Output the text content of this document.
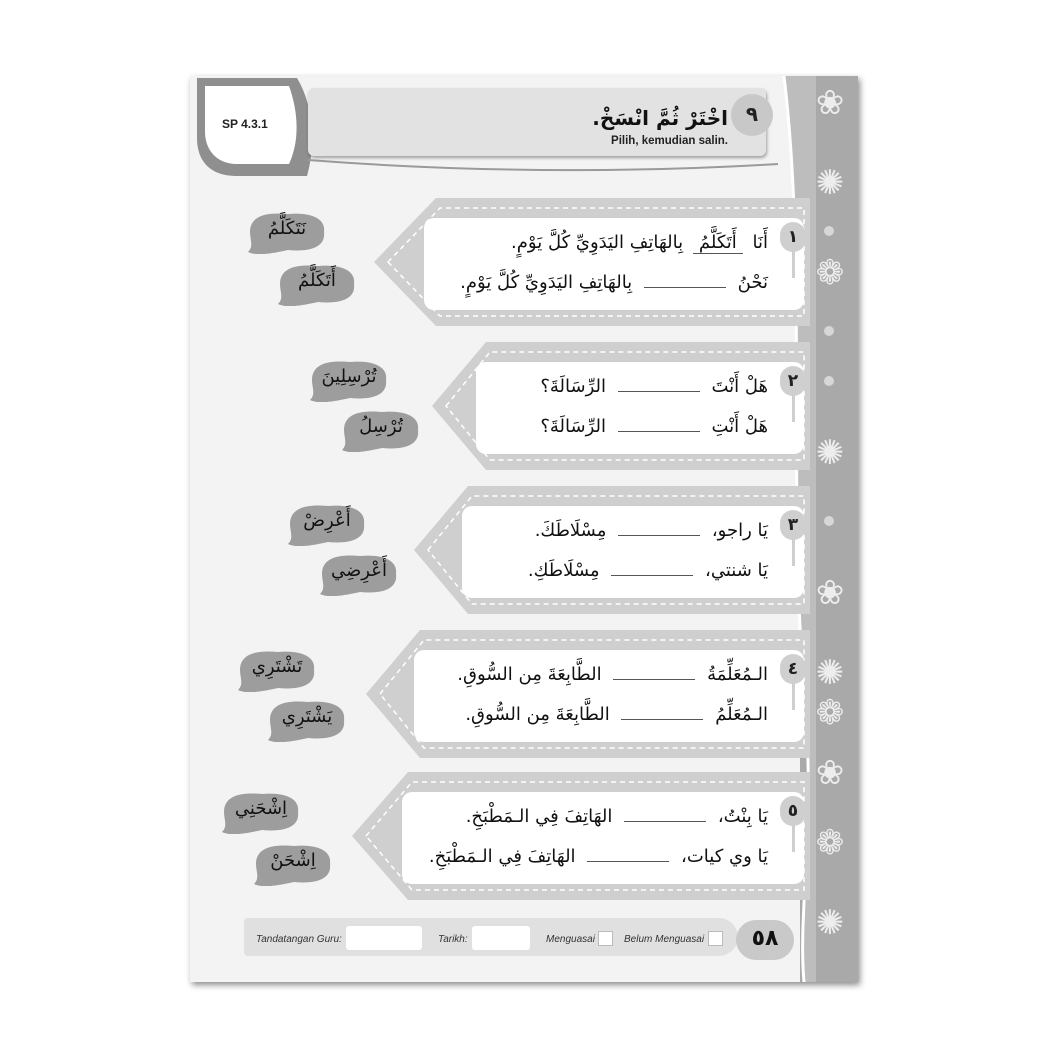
❀
✺
❁
✺
❀
✺
❁
❀
❁
✺
SP 4.3.1	٩
اخْتَرْ ثُمَّ انْسَخْ.
Pilih, kemudian salin.
١
أَنَا أَتَكَلَّمُ بِالهَاتِفِ اليَدَوِيِّ كُلَّ يَوْمٍ.
نَحْنُ  بِالهَاتِفِ اليَدَوِيِّ كُلَّ يَوْمٍ.
نَتَكَلَّمُ
أَتَكَلَّمُ
٢
هَلْ أَنْتَ  الرِّسَالَةَ؟
هَلْ أَنْتِ  الرِّسَالَةَ؟
تُرْسِلِينَ
تُرْسِلُ
٣
يَا راجو،  مِسْلَاطَكَ.
يَا شنتي،  مِسْلَاطَكِ.
أَعْرِضْ
أَعْرِضِي
٤
الـمُعَلِّمَةُ  الطَّابِعَةَ مِن السُّوقِ.
الـمُعَلِّمُ  الطَّابِعَةَ مِن السُّوقِ.
تَشْتَرِي
يَشْتَرِي
٥
يَا بِنْتُ،  الهَاتِفَ فِي الـمَطْبَخِ.
يَا وي كيات،  الهَاتِفَ فِي الـمَطْبَخِ.
اِشْحَنِي
اِشْحَنْ
Tandatangan Guru:	Tarikh:	Menguasai	Belum Menguasai	٥٨
